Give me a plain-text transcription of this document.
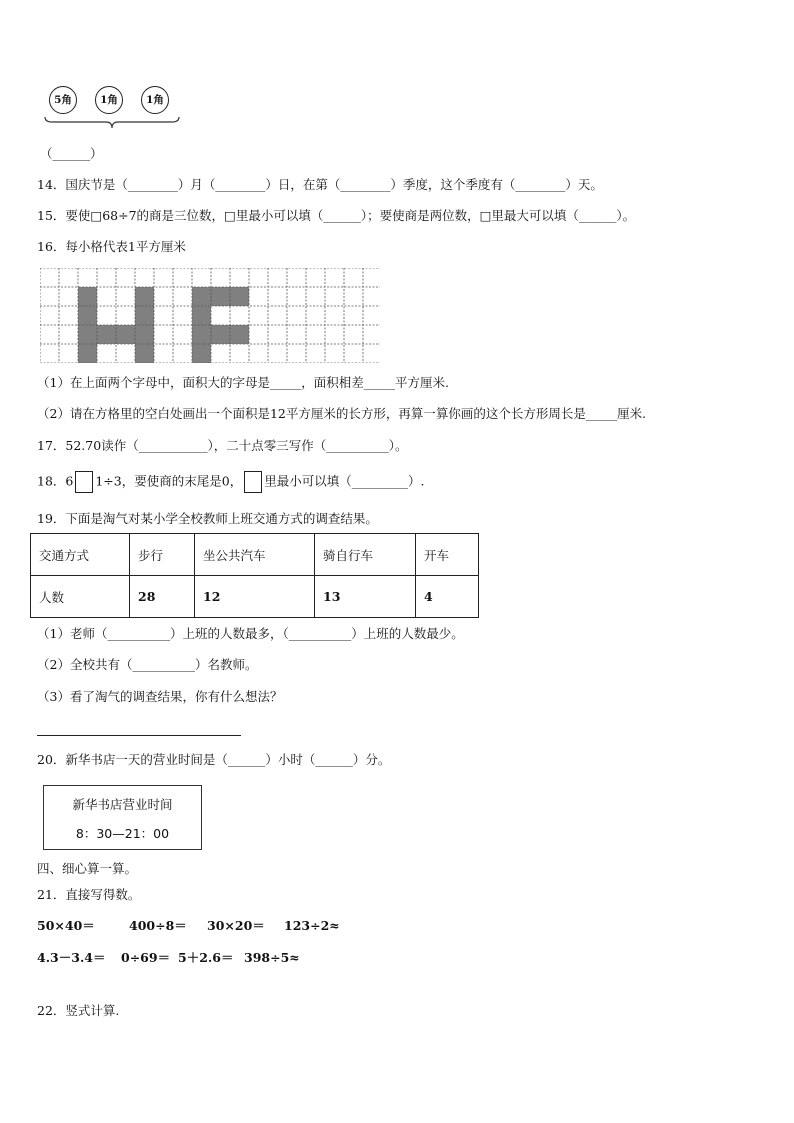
5角	1角	1角
（______）
14．国庆节是（________）月（________）日，在第（________）季度，这个季度有（________）天。
15．要使□68÷7的商是三位数，□里最小可以填（______）；要使商是两位数，□里最大可以填（______）。
16．每小格代表1平方厘米
（1）在上面两个字母中，面积大的字母是_____，面积相差_____平方厘米.
（2）请在方格里的空白处画出一个面积是12平方厘米的长方形，再算一算你画的这个长方形周长是_____厘米.
17．52.70读作（___________），二十点零三写作（__________）。
18．6 1÷3，要使商的末尾是0， 里最小可以填（_________）.
19．下面是淘气对某小学全校教师上班交通方式的调查结果。
交通方式	步行	坐公共汽车	骑自行车	开车
人数	28	12	13	4
（1）老师（__________）上班的人数最多，（__________）上班的人数最少。
（2）全校共有（__________）名教师。
（3）看了淘气的调查结果，你有什么想法？
20．新华书店一天的营业时间是（______）小时（______）分。
新华书店营业时间
8：30—21：00
四、细心算一算。
21．直接写得数。
50×40＝	400÷8＝ 30×20＝ 123÷2≈
4.3－3.4＝ 0÷69＝ 5＋2.6＝ 398÷5≈
22．竖式计算.
